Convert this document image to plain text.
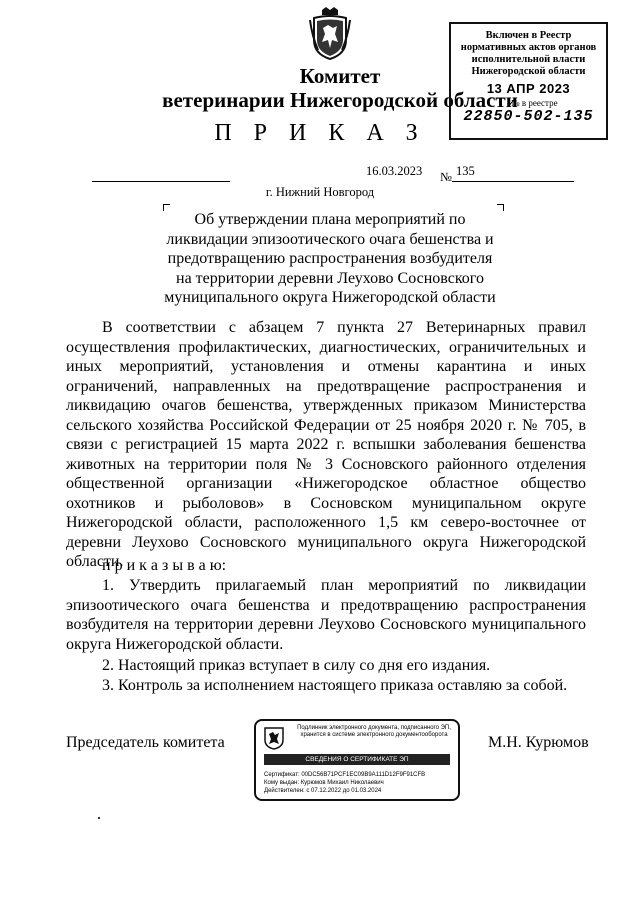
Комитет
ветеринарии Нижегородской области
Включен в Реестр
нормативных актов органов
исполнительной власти
Нижегородской области
13 АПР 2023
№ в реестре
22850-502-135
П Р И К А З
16.03.2023 № 135
г. Нижний Новгород
Об утверждении плана мероприятий по
ликвидации эпизоотического очага бешенства и
предотвращению распространения возбудителя
на территории деревни Леухово Сосновского
муниципального округа Нижегородской области

В соответствии с абзацем 7 пункта 27 Ветеринарных правил осуществления профилактических, диагностических, ограничительных и иных мероприятий, установления и отмены карантина и иных ограничений, направленных на предотвращение распространения и ликвидацию очагов бешенства, утвержденных приказом Министерства сельского хозяйства Российской Федерации от 25 ноября 2020 г. № 705, в связи с регистрацией 15 марта 2022 г. вспышки заболевания бешенства животных на территории поля № 3 Сосновского районного отделения общественной организации «Нижегородское областное общество охотников и рыболовов» в Сосновском муниципальном округе Нижегородской области, расположенного 1,5 км северо-восточнее от деревни Леухово Сосновского муниципального округа Нижегородской области.

п р и к а з ы в а ю:

1. Утвердить прилагаемый план мероприятий по ликвидации эпизоотического очага бешенства и предотвращению распространения возбудителя на территории деревни Леухово Сосновского муниципального округа Нижегородской области.

2. Настоящий приказ вступает в силу со дня его издания.

3. Контроль за исполнением настоящего приказа оставляю за собой.

Председатель комитета	М.Н. Курюмов
Подлинник электронного документа, подписанного ЭП, хранится в системе электронного документооборота
СВЕДЕНИЯ О СЕРТИФИКАТЕ ЭП
Сертификат: 00DC56B71PCF1EC09B9A111D12F9F91CFB
Кому выдан: Курюмов Михаил Николаевич
Действителен: с 07.12.2022 до 01.03.2024
